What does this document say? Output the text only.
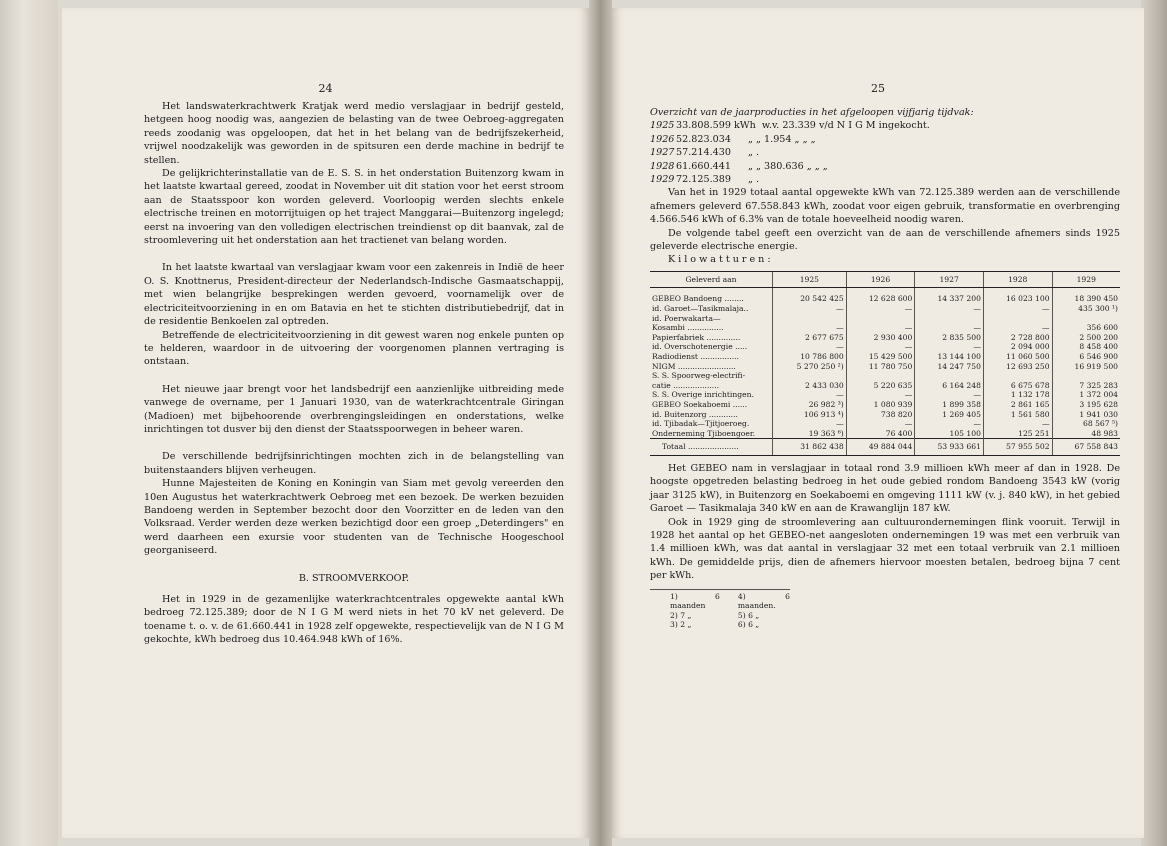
24

Het landswaterkrachtwerk Kratjak werd medio verslagjaar in bedrijf gesteld, hetgeen hoog noodig was, aangezien de belasting van de twee Oebroeg-aggregaten reeds zoodanig was opgeloopen, dat het in het belang van de bedrijfszekerheid, vrijwel noodzakelijk was geworden in de spitsuren een derde machine in bedrijf te stellen.

De gelijkrichterinstallatie van de E. S. S. in het onderstation Buitenzorg kwam in het laatste kwartaal gereed, zoodat in November uit dit station voor het eerst stroom aan de Staatsspoor kon worden geleverd. Voorloopig werden slechts enkele electrische treinen en motorrijtuigen op het traject Manggarai—Buitenzorg ingelegd; eerst na invoering van den volledigen electrischen treindienst op dit baanvak, zal de stroomlevering uit het onderstation aan het tractienet van belang worden.

In het laatste kwartaal van verslagjaar kwam voor een zakenreis in Indië de heer O. S. Knottnerus, President-directeur der Nederlandsch-Indische Gasmaatschappij, met wien belangrijke besprekingen werden gevoerd, voornamelijk over de electriciteitvoorziening in en om Batavia en het te stichten distributiebedrijf, dat in de residentie Benkoelen zal optreden.

Betreffende de electriciteitvoorziening in dit gewest waren nog enkele punten op te helderen, waardoor in de uitvoering der voorgenomen plannen vertraging is ontstaan.

Het nieuwe jaar brengt voor het landsbedrijf een aanzienlijke uitbreiding mede vanwege de overname, per 1 Januari 1930, van de waterkrachtcentrale Giringan (Madioen) met bijbehoorende overbrengingsleidingen en onderstations, welke inrichtingen tot dusver bij den dienst der Staatsspoorwegen in beheer waren.

De verschillende bedrijfsinrichtingen mochten zich in de belangstelling van buitenstaanders blijven verheugen.

Hunne Majesteiten de Koning en Koningin van Siam met gevolg vereerden den 10en Augustus het waterkrachtwerk Oebroeg met een bezoek. De werken bezuiden Bandoeng werden in September bezocht door den Voorzitter en de leden van den Volksraad. Verder werden deze werken bezichtigd door een groep „Deterdingers" en werd daarheen een exursie voor studenten van de Technische Hoogeschool georganiseerd.

B. STROOMVERKOOP.

Het in 1929 in de gezamenlijke waterkrachtcentrales opgewekte aantal kWh bedroeg 72.125.389; door de N I G M werd niets in het 70 kV net geleverd. De toename t. o. v. de 61.660.441 in 1928 zelf opgewekte, respectievelijk van de N I G M gekochte, kWh bedroeg dus 10.464.948 kWh of 16%.

25

Overzicht van de jaarproducties in het afgeloopen vijfjarig tijdvak:

1925 33.808.599 kWh w.v. 23.339 v/d N I G M ingekocht.
1926 52.823.034	„ „ 1.954 „ „ „
1927 57.214.430	„ .
1928 61.660.441	„ „ 380.636 „ „ „
1929 72.125.389	„ .

Van het in 1929 totaal aantal opgewekte kWh van 72.125.389 werden aan de verschillende afnemers geleverd 67.558.843 kWh, zoodat voor eigen gebruik, transformatie en overbrenging 4.566.546 kWh of 6.3% van de totale hoeveelheid noodig waren.

De volgende tabel geeft een overzicht van de aan de verschillende afnemers sinds 1925 geleverde electrische energie.

Kilowatturen:

Geleverd aan	1925	1926	1927	1928	1929
GEBEO Bandoeng ........	20 542 425	12 628 600	14 337 200	16 023 100	18 390 450
id. Garoet—Tasikmalaja..	—	—	—	—	435 300 ¹)
id. Poerwakarta—					
Kosambi ...............	—	—	—	—	356 600
Papierfabriek ..............	2 677 675	2 930 400	2 835 500	2 728 800	2 500 200
id. Overschotenergie .....	—	—	—	2 094 000	8 458 400
Radiodienst ................	10 786 800	15 429 500	13 144 100	11 060 500	6 546 900
NIGM ........................	5 270 250 ²)	11 780 750	14 247 750	12 693 250	16 919 500
S. S. Spoorweg-electrifi-					
catie ...................	2 433 030	5 220 635	6 164 248	6 675 678	7 325 283
S. S. Overige inrichtingen.	—	—	—	1 132 178	1 372 004
GEBEO Soekaboemi ......	26 982 ³)	1 080 939	1 899 358	2 861 165	3 195 628
id. Buitenzorg ............	106 913 ⁴)	738 820	1 269 405	1 561 580	1 941 030
id. Tjibadak—Tjitjoeroeg.	—	—	—	—	68 567 ⁵)
Onderneming Tjiboengoer.	19 363 ⁶)	76 400	105 100	125 251	48 983
Totaal .....................	31 862 438	49 884 044	53 933 661	57 955 502	67 558 843

Het GEBEO nam in verslagjaar in totaal rond 3.9 millioen kWh meer af dan in 1928. De hoogste opgetreden belasting bedroeg in het oude gebied rondom Bandoeng 3543 kW (vorig jaar 3125 kW), in Buitenzorg en Soekaboemi en omgeving 1111 kW (v. j. 840 kW), in het gebied Garoet — Tasikmalaja 340 kW en aan de Krawanglijn 187 kW.

Ook in 1929 ging de stroomlevering aan cultuurondernemingen flink vooruit. Terwijl in 1928 het aantal op het GEBEO-net aangesloten ondernemingen 19 was met een verbruik van 1.4 millioen kWh, was dat aantal in verslagjaar 32 met een totaal verbruik van 2.1 millioen kWh. De gemiddelde prijs, dien de afnemers hiervoor moesten betalen, bedroeg bijna 7 cent per kWh.

1) 6 maanden
2) 7 „
3) 2 „
4) 6 maanden.
5) 6 „
6) 6 „
